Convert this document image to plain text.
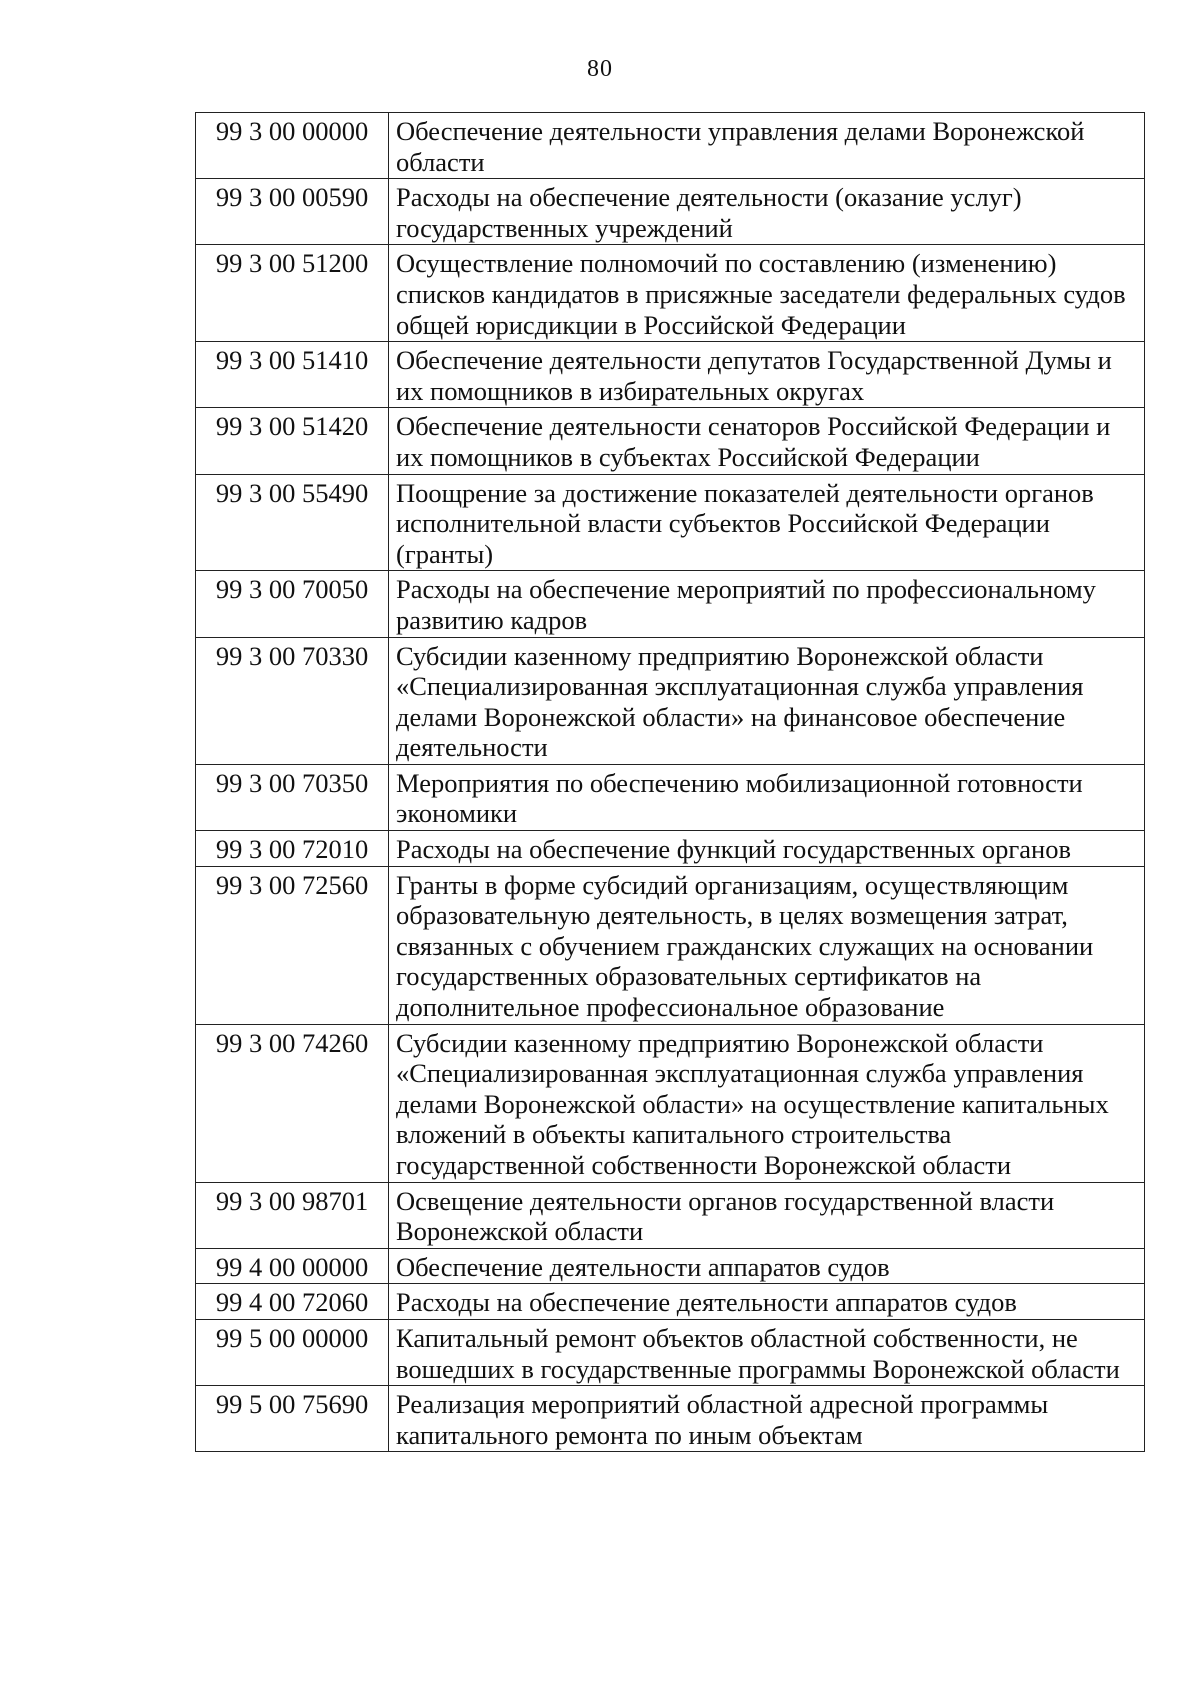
80
99 3 00 00000	Обеспечение деятельности управления делами Воронежской области
99 3 00 00590	Расходы на обеспечение деятельности (оказание услуг) государственных учреждений
99 3 00 51200	Осуществление полномочий по составлению (изменению) списков кандидатов в присяжные заседатели федеральных судов общей юрисдикции в Российской Федерации
99 3 00 51410	Обеспечение деятельности депутатов Государственной Думы и их помощников в избирательных округах
99 3 00 51420	Обеспечение деятельности сенаторов Российской Федерации и их помощников в субъектах Российской Федерации
99 3 00 55490	Поощрение за достижение показателей деятельности органов исполнительной власти субъектов Российской Федерации (гранты)
99 3 00 70050	Расходы на обеспечение мероприятий по профессиональному развитию кадров
99 3 00 70330	Субсидии казенному предприятию Воронежской области «Специализированная эксплуатационная служба управления делами Воронежской области» на финансовое обеспечение деятельности
99 3 00 70350	Мероприятия по обеспечению мобилизационной готовности экономики
99 3 00 72010	Расходы на обеспечение функций государственных органов
99 3 00 72560	Гранты в форме субсидий организациям, осуществляющим образовательную деятельность, в целях возмещения затрат, связанных с обучением гражданских служащих на основании государственных образовательных сертификатов на дополнительное профессиональное образование
99 3 00 74260	Субсидии казенному предприятию Воронежской области «Специализированная эксплуатационная служба управления делами Воронежской области» на осуществление капитальных вложений в объекты капитального строительства государственной собственности Воронежской области
99 3 00 98701	Освещение деятельности органов государственной власти Воронежской области
99 4 00 00000	Обеспечение деятельности аппаратов судов
99 4 00 72060	Расходы на обеспечение деятельности аппаратов судов
99 5 00 00000	Капитальный ремонт объектов областной собственности, не вошедших в государственные программы Воронежской области
99 5 00 75690	Реализация мероприятий областной адресной программы капитального ремонта по иным объектам
